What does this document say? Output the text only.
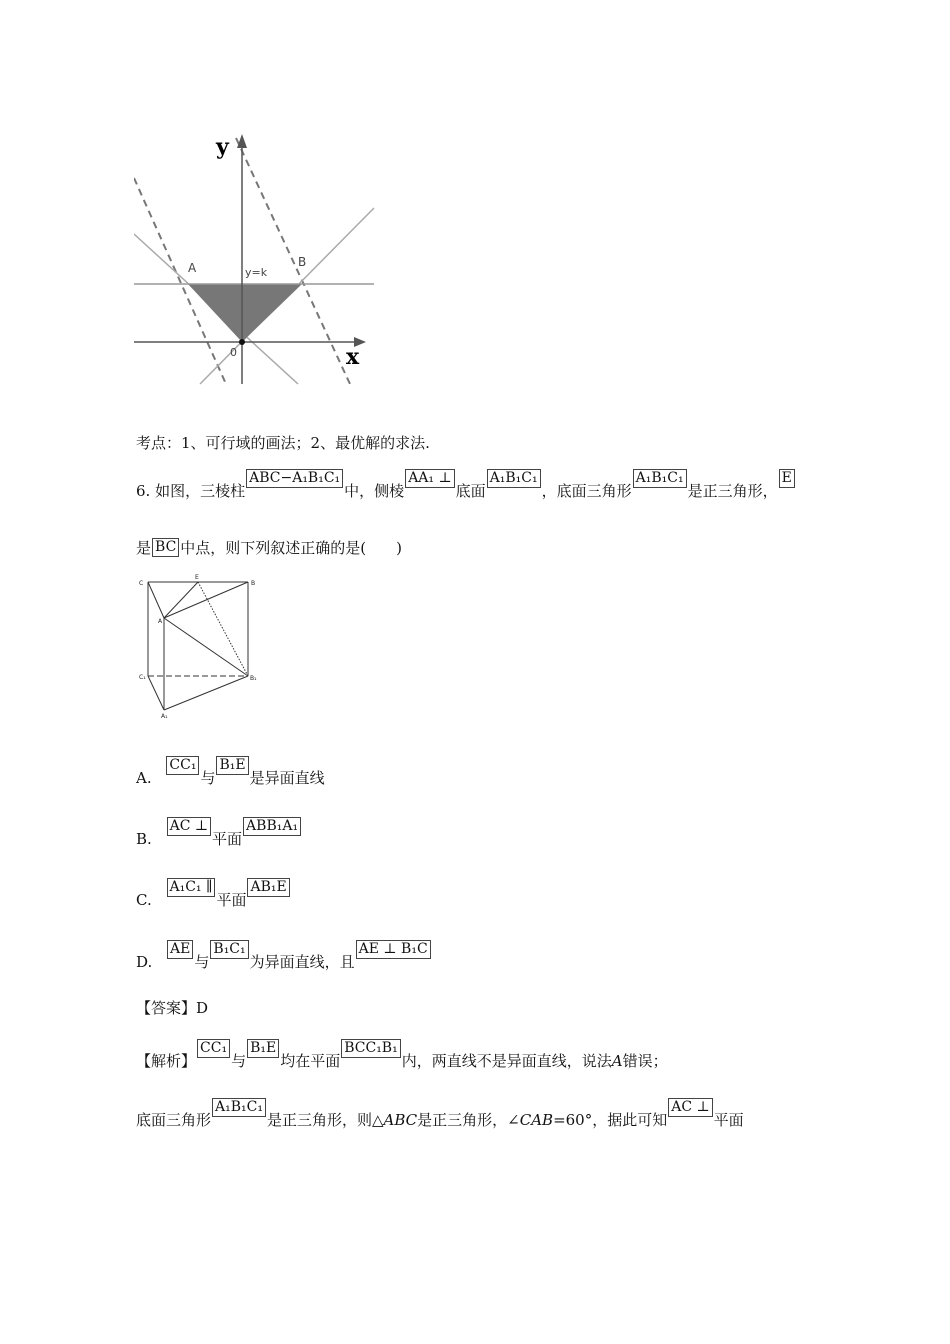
y
x
0
A	B
y=k
考点：1、可行域的画法；2、最优解的求法.
6. 如图，三棱柱ABC−A₁B₁C₁中，侧棱AA₁ ⊥底面A₁B₁C₁，底面三角形A₁B₁C₁是正三角形，E
是 BC 中点，则下列叙述正确的是(　　)
C
E
B
A
C₁	B₁
A₁
A. CC₁与B₁E是异面直线
B. AC ⊥平面ABB₁A₁
C. A₁C₁ ∥平面AB₁E
D. AE与B₁C₁为异面直线，且AE ⊥ B₁C
【答案】D
【解析】CC₁与B₁E均在平面BCC₁B₁内，两直线不是异面直线，说法A错误；
底面三角形A₁B₁C₁是正三角形，则△ABC是正三角形，∠CAB=60°，据此可知AC ⊥平面
